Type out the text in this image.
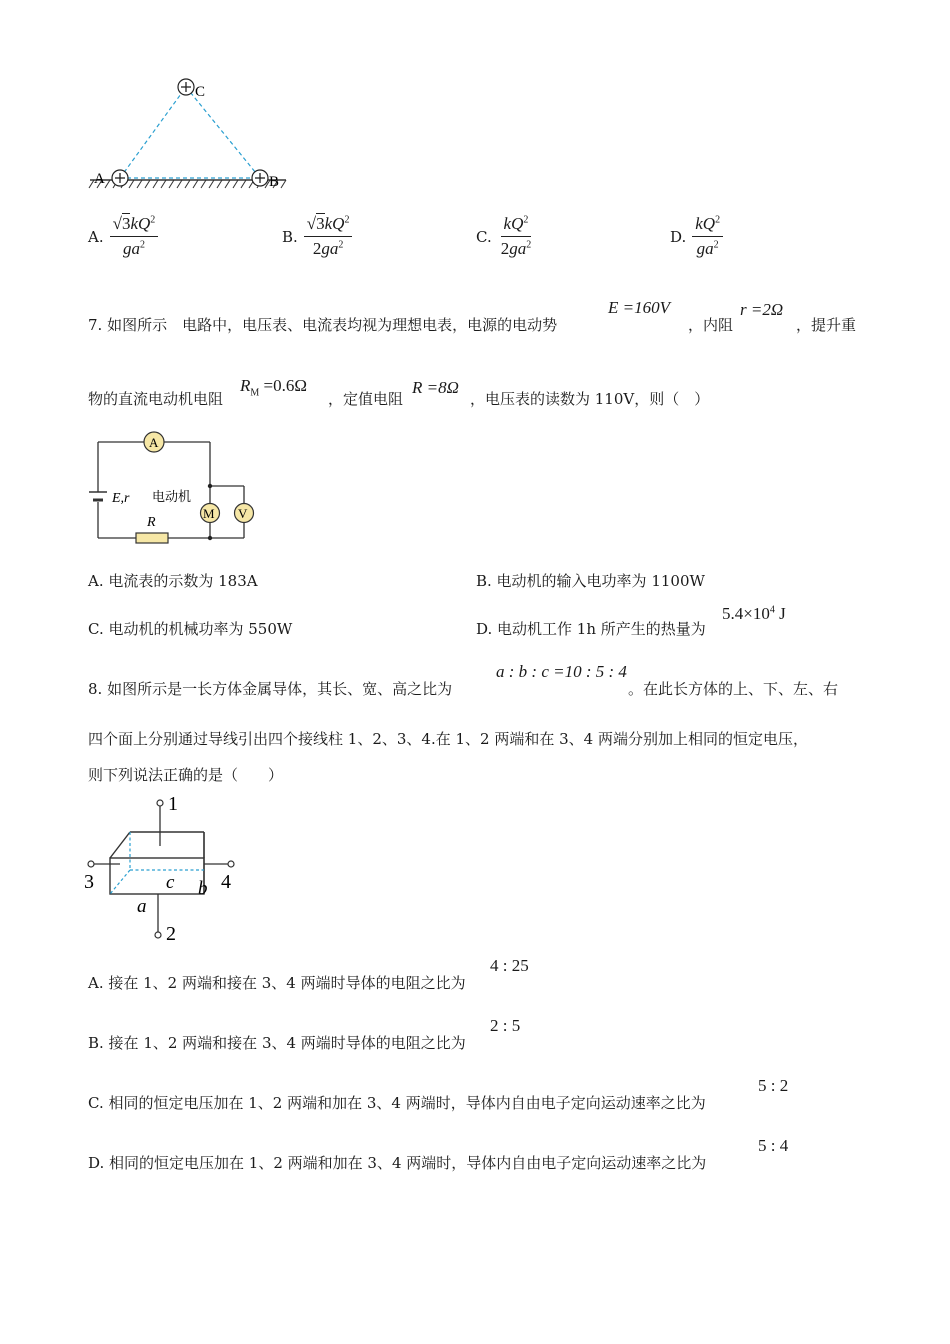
A	B
C
A. $\frac{√3kQ^2}{ga^2}$	B. $\frac{√3kQ^2}{2ga^2}$	C. $\frac{kQ^2}{2ga^2}$	D. $\frac{kQ^2}{ga^2}$
7. 如图所示　电路中，电压表、电流表均视为理想电表，电源的电动势
E =160V
，内阻
r =2Ω
，提升重
物的直流电动机电阻
$R_M =0.6\Omega$
，定值电阻
R =8Ω
，电压表的读数为 110V，则（　）
A
M V
E,r 电动机
R
A. 电流表的示数为 183A	B. 电动机的输入电功率为 1100W
C. 电动机的机械功率为 550W	D. 电动机工作 1h 所产生的热量为
$5.4\times 10^4$ J
8. 如图所示是一长方体金属导体，其长、宽、高之比为
a : b : c =10 : 5 : 4
。在此长方体的上、下、左、右
四个面上分别通过导线引出四个接线柱 1、2、3、4.在 1、2 两端和在 3、4 两端分别加上相同的恒定电压，
则下列说法正确的是（　　）
1
2
3	4
a
b
c
A. 接在 1、2 两端和接在 3、4 两端时导体的电阻之比为
4 : 25
B. 接在 1、2 两端和接在 3、4 两端时导体的电阻之比为
2 : 5
C. 相同的恒定电压加在 1、2 两端和加在 3、4 两端时，导体内自由电子定向运动速率之比为
5 : 2
D. 相同的恒定电压加在 1、2 两端和加在 3、4 两端时，导体内自由电子定向运动速率之比为
5 : 4
